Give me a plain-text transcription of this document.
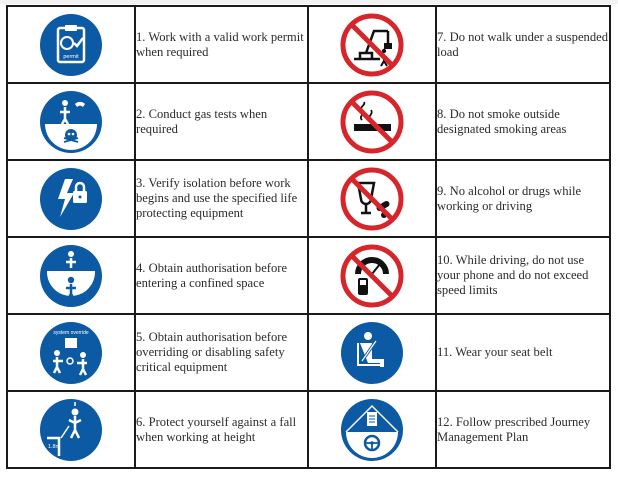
permit	1. Work with a valid work permit when required		7. Do not walk under a suspended load

	2. Conduct gas tests when required		8. Do not smoke outside designated smoking areas

	3. Verify isolation before work begins and use the specified life protecting equipment		9. No alcohol or drugs while working or driving

	4. Obtain authorisation before entering a confined space		10. While driving, do not use your phone and do not exceed speed limits

system override	5. Obtain authorisation before overriding or disabling safety critical equipment		11. Wear your seat belt

1.8m	6. Protect yourself against a fall when working at height		12. Follow prescribed Journey Management Plan
